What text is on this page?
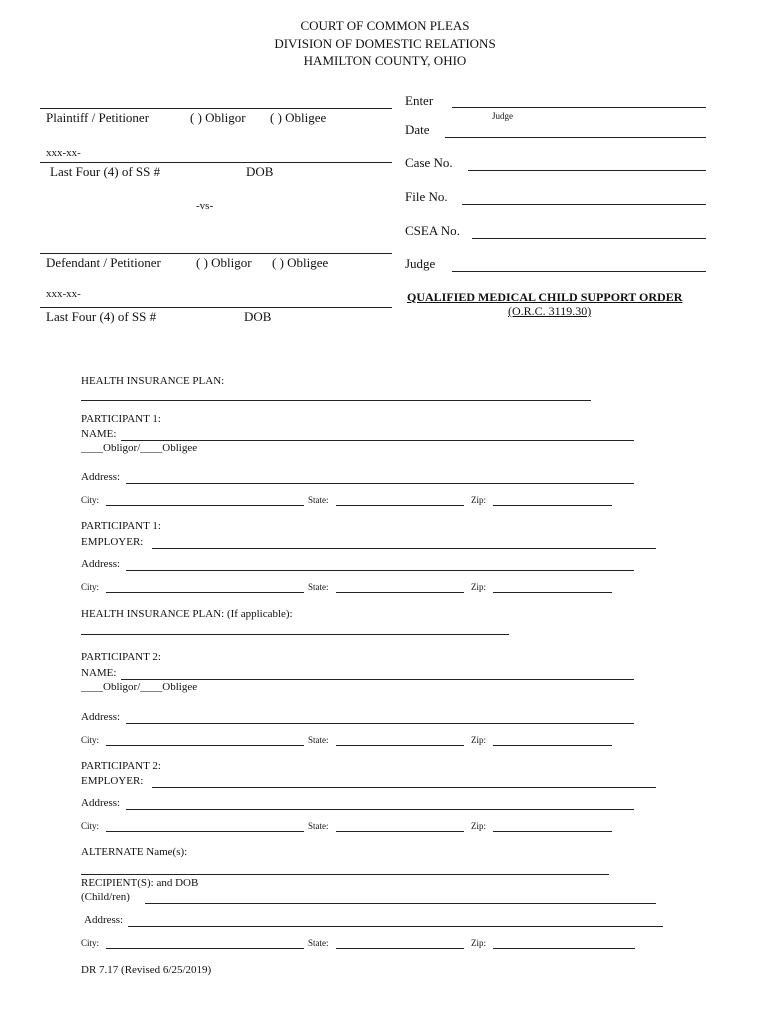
COURT OF COMMON PLEAS
DIVISION OF DOMESTIC RELATIONS
HAMILTON COUNTY, OHIO
Plaintiff / Petitioner	( ) Obligor ( ) Obligee
xxx-xx-
Last Four (4) of SS #	DOB
-vs-
Defendant / Petitioner	( ) Obligor ( ) Obligee
xxx-xx-
Last Four (4) of SS #	DOB
Enter
Judge
Date
Case No.
File No.
CSEA No.
Judge
QUALIFIED MEDICAL CHILD SUPPORT ORDER
(O.R.C. 3119.30)
HEALTH INSURANCE PLAN:
PARTICIPANT 1:
NAME:
____Obligor/____Obligee
Address:
City:	State:	Zip:
PARTICIPANT 1:
EMPLOYER:
Address:
City:	State:	Zip:
HEALTH INSURANCE PLAN: (If applicable):
PARTICIPANT 2:
NAME:
____Obligor/____Obligee
Address:
City:	State:	Zip:
PARTICIPANT 2:
EMPLOYER:
Address:
City:	State:	Zip:
ALTERNATE Name(s):
RECIPIENT(S): and DOB
(Child/ren)
Address:
City:	State:	Zip:
DR 7.17 (Revised 6/25/2019)
